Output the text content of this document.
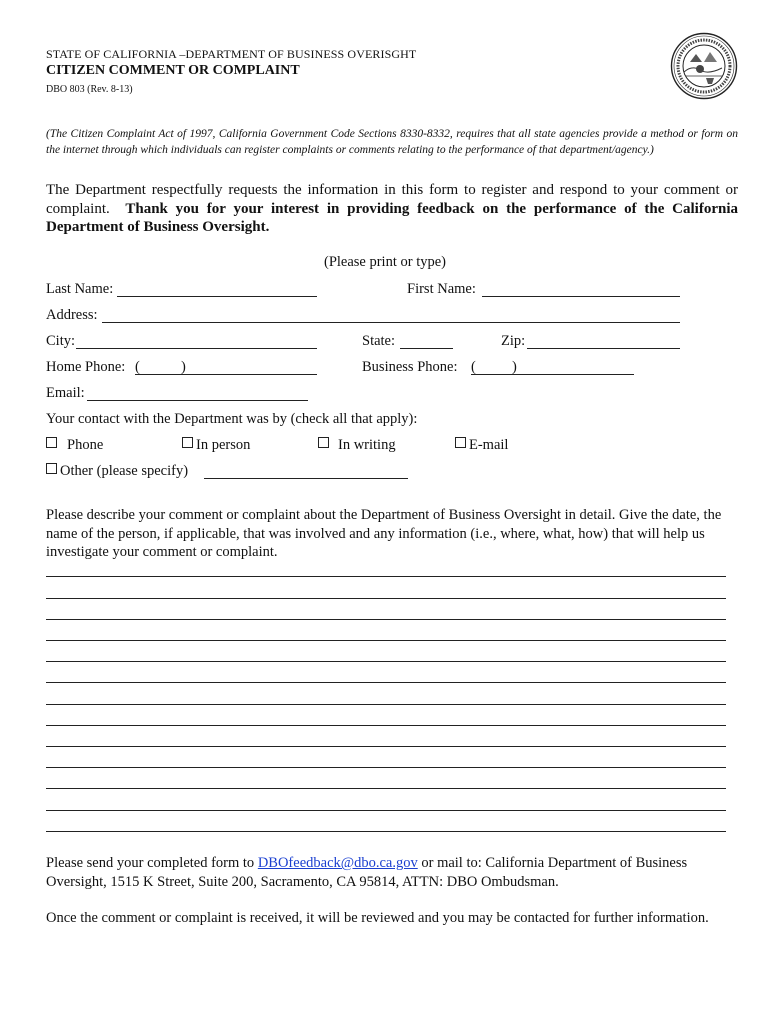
STATE OF CALIFORNIA –DEPARTMENT OF BUSINESS OVERISGHT
CITIZEN COMMENT OR COMPLAINT
DBO 803 (Rev. 8-13)
(The Citizen Complaint Act of 1997, California Government Code Sections 8330-8332, requires that all state agencies provide a method or form on the internet through which individuals can register complaints or comments relating to the performance of that department/agency.)
The Department respectfully requests the information in this form to register and respond to your comment or complaint. Thank you for your interest in providing feedback on the performance of the California Department of Business Oversight.
(Please print or type)
Last Name:	First Name:
Address:
City:	State:	Zip:
Home Phone: (	)	Business Phone: ( )
Email:
Your contact with the Department was by (check all that apply):
Phone	In person	In writing	E-mail
Other (please specify)
Please describe your comment or complaint about the Department of Business Oversight in detail. Give the date, the name of the person, if applicable, that was involved and any information (i.e., where, what, how) that will help us investigate your comment or complaint.
Please send your completed form to DBOfeedback@dbo.ca.gov or mail to: California Department of Business Oversight, 1515 K Street, Suite 200, Sacramento, CA 95814, ATTN: DBO Ombudsman.
Once the comment or complaint is received, it will be reviewed and you may be contacted for further information.
